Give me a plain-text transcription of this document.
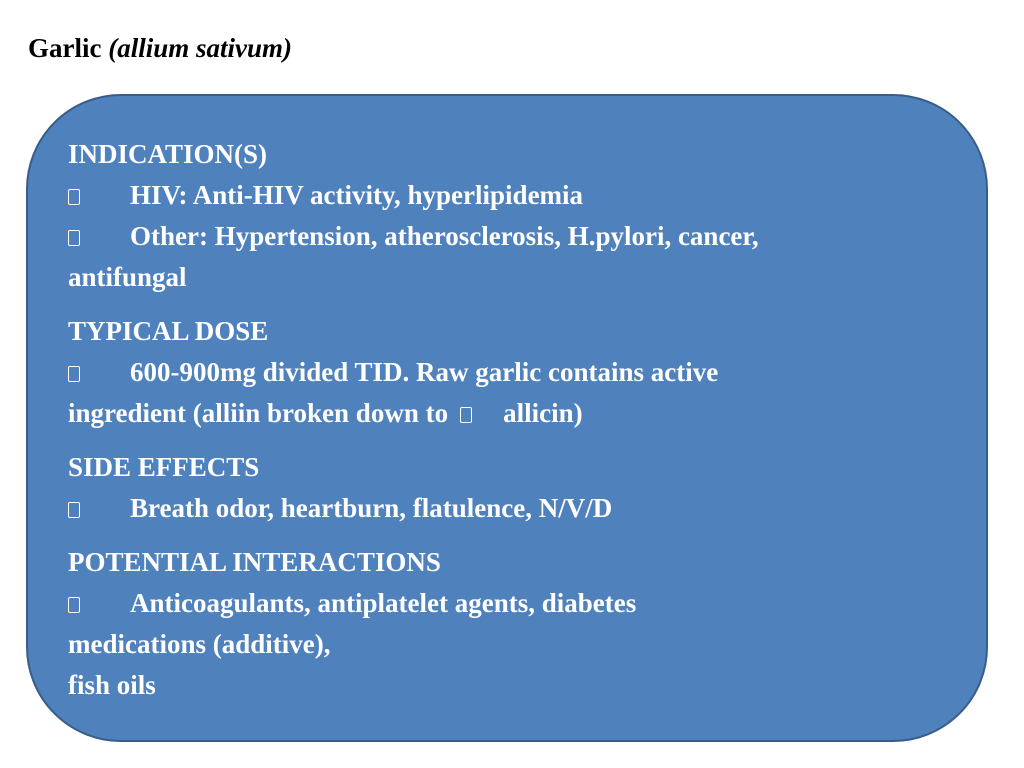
Garlic (allium sativum)
INDICATION(S)
HIV: Anti-HIV activity, hyperlipidemia
Other: Hypertension, atherosclerosis, H.pylori, cancer,
antifungal
TYPICAL DOSE
600-900mg divided TID. Raw garlic contains active
ingredient (alliin broken down to allicin)
SIDE EFFECTS
Breath odor, heartburn, flatulence, N/V/D
POTENTIAL INTERACTIONS
Anticoagulants, antiplatelet agents, diabetes
medications (additive),
fish oils
